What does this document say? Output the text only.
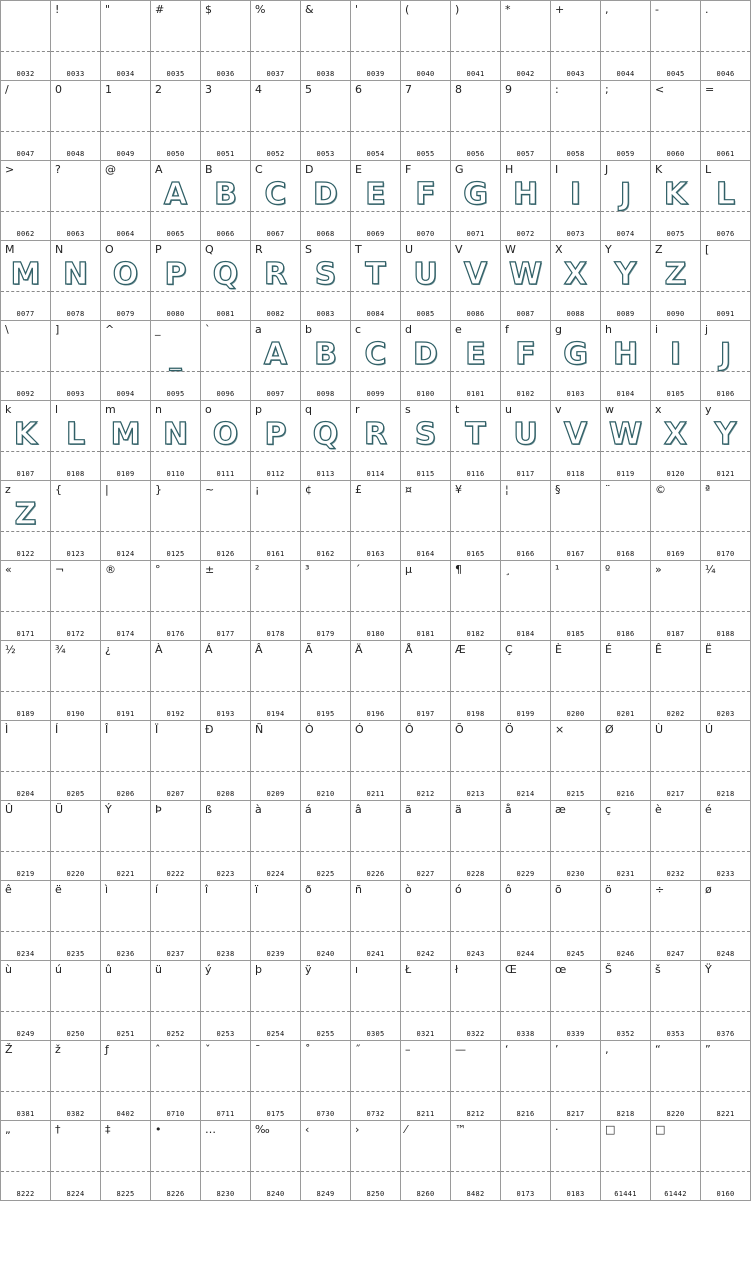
0032
!
0033
"
0034
#
0035
$
0036
%
0037
&
0038
'
0039
(
0040
)
0041
*
0042
+
0043
,
0044
-
0045
.
0046
/
0047
0
0048
1
0049
2
0050
3
0051
4
0052
5
0053
6
0054
7
0055
8
0056
9
0057
:
0058
;
0059
<
0060
=
0061
>
0062
?
0063
@
0064
A
A
0065
B
B
0066
C
C
0067
D
D
0068
E
E
0069
F
F
0070
G
G
0071
H
H
0072
I
I
0073
J
J
0074
K
K
0075
L
L
0076
M
M
0077
N
N
0078
O
O
0079
P
P
0080
Q
Q
0081
R
R
0082
S
S
0083
T
T
0084
U
U
0085
V
V
0086
W
W
0087
X
X
0088
Y
Y
0089
Z
Z
0090
[
0091
\
0092
]
0093
^
0094
_
_
0095
`
0096
a
A
0097
b
B
0098
c
C
0099
d
D
0100
e
E
0101
f
F
0102
g
G
0103
h
H
0104
i
I
0105
j
J
0106
k
K
0107
l
L
0108
m
M
0109
n
N
0110
o
O
0111
p
P
0112
q
Q
0113
r
R
0114
s
S
0115
t
T
0116
u
U
0117
v
V
0118
w
W
0119
x
X
0120
y
Y
0121
z
Z
0122
{
0123
|
0124
}
0125
~
0126
¡
0161
¢
0162
£
0163
¤
0164
¥
0165
¦
0166
§
0167
¨
0168
©
0169
ª
0170
«
0171
¬
0172
®
0174
°
0176
±
0177
²
0178
³
0179
´
0180
µ
0181
¶
0182
¸
0184
¹
0185
º
0186
»
0187
¼
0188
½
0189
¾
0190
¿
0191
À
0192
Á
0193
Â
0194
Ã
0195
Ä
0196
Å
0197
Æ
0198
Ç
0199
È
0200
É
0201
Ê
0202
Ë
0203
Ì
0204
Í
0205
Î
0206
Ï
0207
Ð
0208
Ñ
0209
Ò
0210
Ó
0211
Ô
0212
Õ
0213
Ö
0214
×
0215
Ø
0216
Ù
0217
Ú
0218
Û
0219
Ü
0220
Ý
0221
Þ
0222
ß
0223
à
0224
á
0225
â
0226
ã
0227
ä
0228
å
0229
æ
0230
ç
0231
è
0232
é
0233
ê
0234
ë
0235
ì
0236
í
0237
î
0238
ï
0239
ð
0240
ñ
0241
ò
0242
ó
0243
ô
0244
õ
0245
ö
0246
÷
0247
ø
0248
ù
0249
ú
0250
û
0251
ü
0252
ý
0253
þ
0254
ÿ
0255
ı
0305
Ł
0321
ł
0322
Œ
0338
œ
0339
Š
0352
š
0353
Ÿ
0376
Ž
0381
ž
0382
ƒ
0402
ˆ
0710
ˇ
0711
¯
0175
˚
0730
˝
0732
–
8211
—
8212
‘
8216
’
8217
‚
8218
“
8220
”
8221
„
8222
†
8224
‡
8225
•
8226
…
8230
‰
8240
‹
8249
›
8250
⁄
8260
™
8482	0173
·
0183
□
61441
□
61442	0160
